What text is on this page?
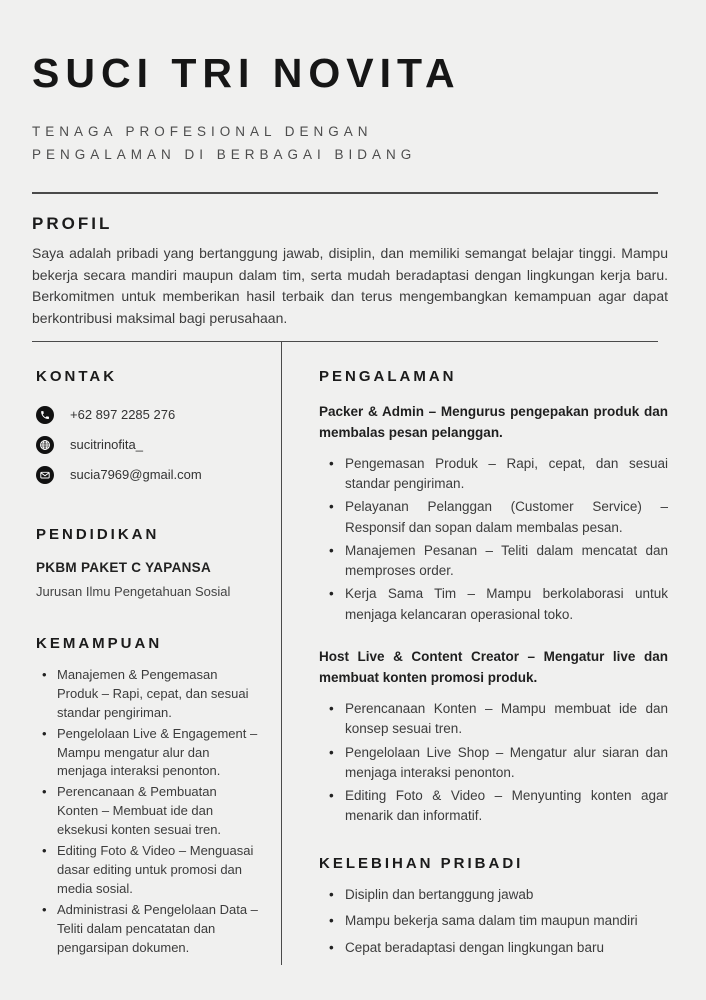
SUCI TRI NOVITA
TENAGA PROFESIONAL DENGAN
PENGALAMAN DI BERBAGAI BIDANG
PROFIL

Saya adalah pribadi yang bertanggung jawab, disiplin, dan memiliki semangat belajar tinggi. Mampu bekerja secara mandiri maupun dalam tim, serta mudah beradaptasi dengan lingkungan kerja baru. Berkomitmen untuk memberikan hasil terbaik dan terus mengembangkan kemampuan agar dapat berkontribusi maksimal bagi perusahaan.

KONTAK
+62 897 2285 276
sucitrinofita_
sucia7969@gmail.com
PENDIDIKAN
PKBM PAKET C YAPANSA
Jurusan Ilmu Pengetahuan Sosial
KEMAMPUAN
• Manajemen & Pengemasan Produk – Rapi, cepat, dan sesuai standar pengiriman.
• Pengelolaan Live & Engagement – Mampu mengatur alur dan menjaga interaksi penonton.
• Perencanaan & Pembuatan Konten – Membuat ide dan eksekusi konten sesuai tren.
• Editing Foto & Video – Menguasai dasar editing untuk promosi dan media sosial.
• Administrasi & Pengelolaan Data – Teliti dalam pencatatan dan pengarsipan dokumen.
PENGALAMAN
Packer & Admin – Mengurus pengepakan produk dan membalas pesan pelanggan.
• Pengemasan Produk – Rapi, cepat, dan sesuai standar pengiriman.
• Pelayanan Pelanggan (Customer Service) – Responsif dan sopan dalam membalas pesan.
• Manajemen Pesanan – Teliti dalam mencatat dan memproses order.
• Kerja Sama Tim – Mampu berkolaborasi untuk menjaga kelancaran operasional toko.
Host Live & Content Creator – Mengatur live dan membuat konten promosi produk.
• Perencanaan Konten – Mampu membuat ide dan konsep sesuai tren.
• Pengelolaan Live Shop – Mengatur alur siaran dan menjaga interaksi penonton.
• Editing Foto & Video – Menyunting konten agar menarik dan informatif.
KELEBIHAN PRIBADI
• Disiplin dan bertanggung jawab
• Mampu bekerja sama dalam tim maupun mandiri
• Cepat beradaptasi dengan lingkungan baru
